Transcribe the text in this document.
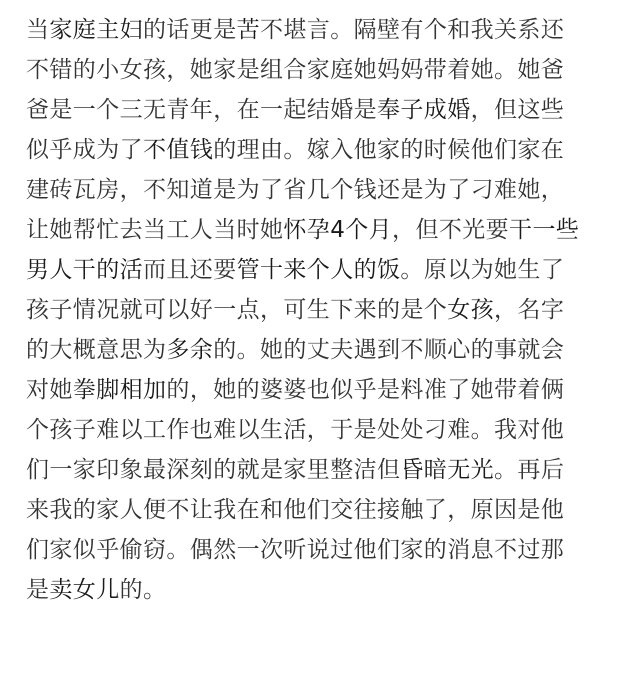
当家庭主妇的话更是苦不堪言。隔壁有个和我关系还
不错的小女孩，她家是组合家庭她妈妈带着她。她爸
爸是一个三无青年，在一起结婚是奉子成婚，但这些
似乎成为了不值钱的理由。嫁入他家的时候他们家在
建砖瓦房，不知道是为了省几个钱还是为了刁难她，
让她帮忙去当工人当时她怀孕4个月，但不光要干一些
男人干的活而且还要管十来个人的饭。原以为她生了
孩子情况就可以好一点，可生下来的是个女孩，名字
的大概意思为多余的。她的丈夫遇到不顺心的事就会
对她拳脚相加的，她的婆婆也似乎是料准了她带着俩
个孩子难以工作也难以生活，于是处处刁难。我对他
们一家印象最深刻的就是家里整洁但昏暗无光。再后
来我的家人便不让我在和他们交往接触了，原因是他
们家似乎偷窃。偶然一次听说过他们家的消息不过那
是卖女儿的。
